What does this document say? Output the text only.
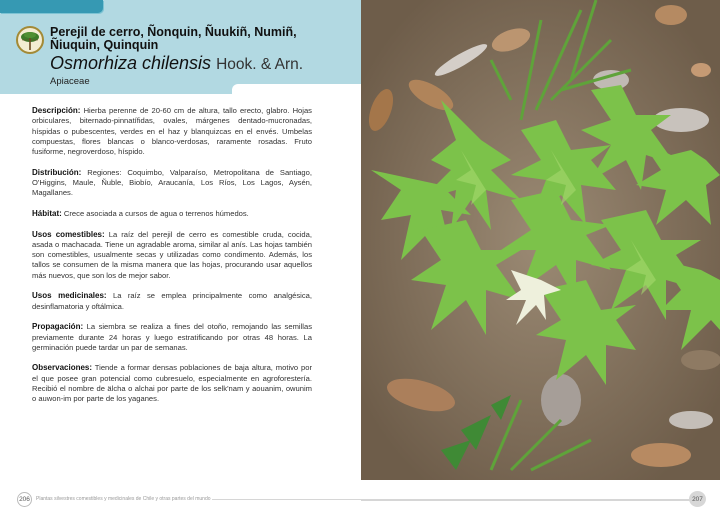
Perejil de cerro, Ñonquin, Ñuukiñ, Numiñ, Ñiuquin, Quinquin
Osmorhiza chilensis Hook. & Arn.
Apiaceae

Descripción: Hierba perenne de 20-60 cm de altura, tallo erecto, glabro. Hojas orbiculares, biternado-pinnatífidas, ovales, márgenes dentado-mucronadas, híspidas o pubescentes, verdes en el haz y blanquizcas en el envés. Umbelas compuestas, flores blancas o blanco-verdosas, raramente rosadas. Fruto fusiforme, negroverdoso, híspido.

Distribución: Regiones: Coquimbo, Valparaíso, Metropolitana de Santiago, O'Higgins, Maule, Ñuble, Biobío, Araucanía, Los Ríos, Los Lagos, Aysén, Magallanes.

Hábitat: Crece asociada a cursos de agua o terrenos húmedos.

Usos comestibles: La raíz del perejil de cerro es comestible cruda, cocida, asada o machacada. Tiene un agradable aroma, similar al anís. Las hojas también son comestibles, usualmente secas y utilizadas como condimento. Además, los tallos se consumen de la misma manera que las hojas, procurando usar aquellos más nuevos, que son los de mejor sabor.

Usos medicinales: La raíz se emplea principalmente como analgésica, desinflamatoria y oftálmica.

Propagación: La siembra se realiza a fines del otoño, remojando las semillas previamente durante 24 horas y luego estratificando por otras 48 horas. La germinación puede tardar un par de semanas.

Observaciones: Tiende a formar densas poblaciones de baja altura, motivo por el que posee gran potencial como cubresuelo, especialmente en agroforestería. Recibió el nombre de älcha o alchai por parte de los selk'nam y aouanim, owunim o auwon-im por parte de los yaganes.

206	Plantas silvestres comestibles y medicinales de Chile y otras partes del mundo	207
